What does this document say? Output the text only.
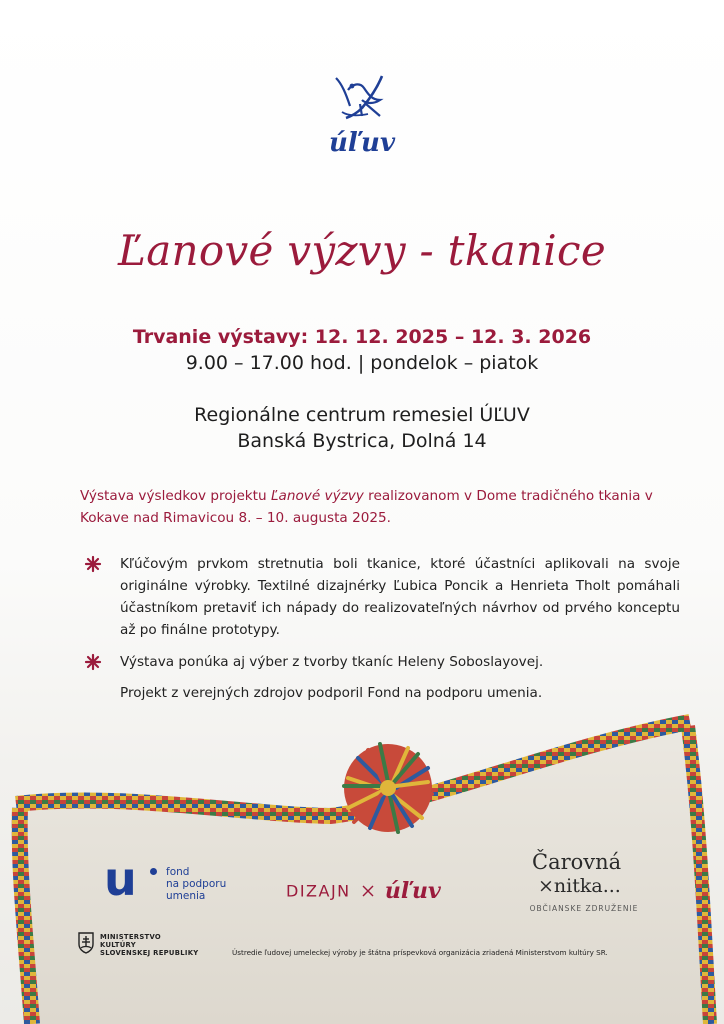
úľuv
Ľanové výzvy - tkanice
Trvanie výstavy: 12. 12. 2025 – 12. 3. 2026
9.00 – 17.00 hod. | pondelok – piatok
Regionálne centrum remesiel ÚĽUV
Banská Bystrica, Dolná 14
Výstava výsledkov projektu Ľanové výzvy realizovanom v Dome tradičného tkania v Kokave nad Rimavicou 8. – 10. augusta 2025.
Kľúčovým prvkom stretnutia boli tkanice, ktoré účastníci aplikovali na svoje originálne výrobky. Textilné dizajnérky Ľubica Poncik a Henrieta Tholt pomáhali účastníkom pretaviť ich nápady do realizovateľných návrhov od prvého konceptu až po finálne prototypy.
Výstava ponúka aj výber z tvorby tkaníc Heleny Soboslayovej.
Projekt z verejných zdrojov podporil Fond na podporu umenia.
u	fond
na podporu
umenia	DIZAJN úľuv
Čarovná
×nitka...
OBČIANSKE ZDRUŽENIE
MINISTERSTVO
KULTÚRY
SLOVENSKEJ REPUBLIKY	Ústredie ľudovej umeleckej výroby je štátna príspevková organizácia zriadená Ministerstvom kultúry SR.
